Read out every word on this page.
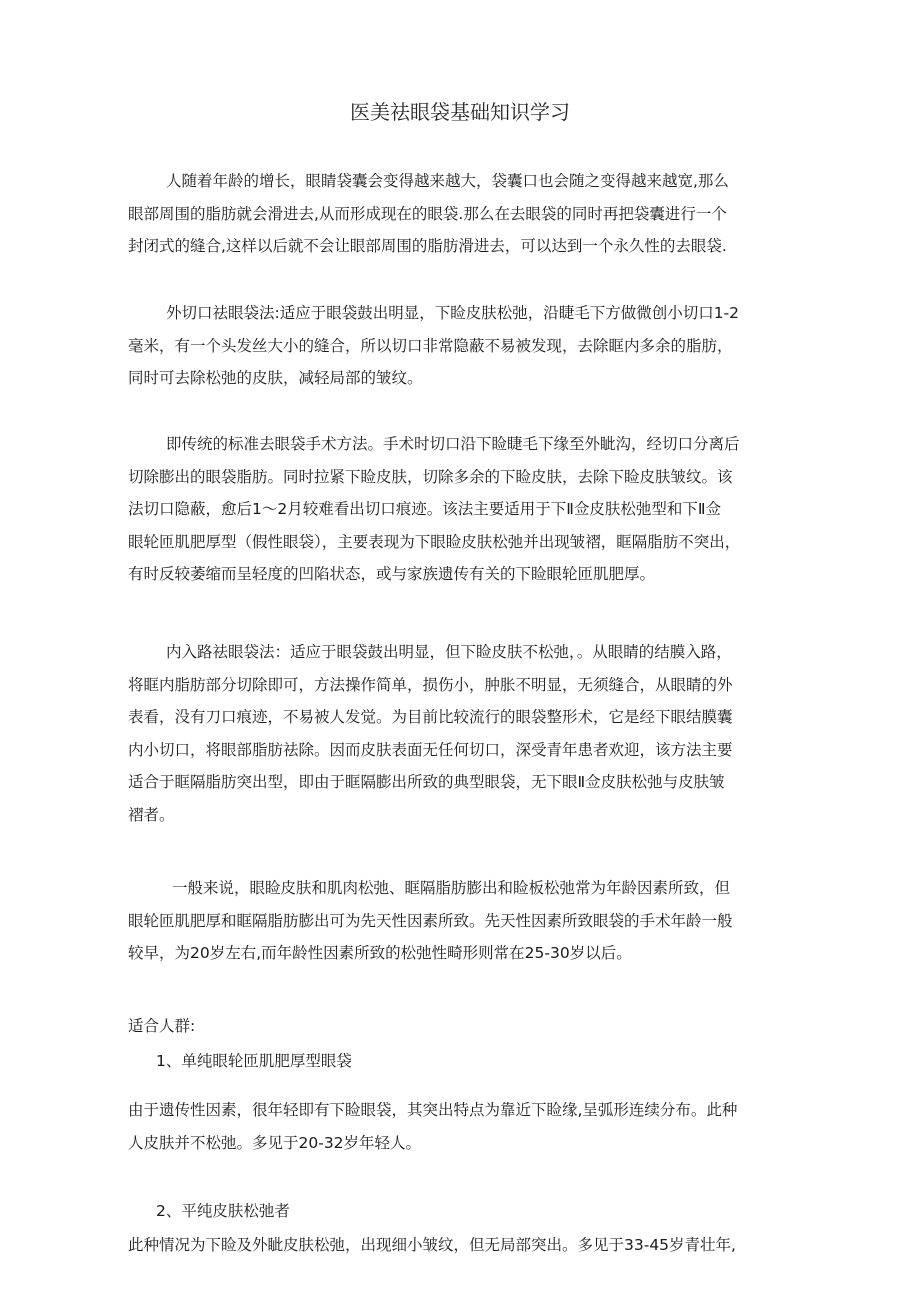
医美祛眼袋基础知识学习
人随着年龄的增长，眼睛袋囊会变得越来越大，袋囊口也会随之变得越来越宽,那么
眼部周围的脂肪就会滑进去,从而形成现在的眼袋.那么在去眼袋的同时再把袋囊进行一个
封闭式的缝合,这样以后就不会让眼部周围的脂肪滑进去，可以达到一个永久性的去眼袋.
外切口祛眼袋法:适应于眼袋鼓出明显，下睑皮肤松弛，沿睫毛下方做微创小切口1-2
毫米，有一个头发丝大小的缝合，所以切口非常隐蔽不易被发现，去除眶内多余的脂肪，
同时可去除松弛的皮肤，减轻局部的皱纹。
即传统的标准去眼袋手术方法。手术时切口沿下睑睫毛下缘至外眦沟，经切口分离后
切除膨出的眼袋脂肪。同时拉紧下睑皮肤，切除多余的下睑皮肤，去除下睑皮肤皱纹。该
法切口隐蔽，愈后1～2月较难看出切口痕迹。该法主要适用于下Ⅱ佥皮肤松弛型和下Ⅱ佥
眼轮匝肌肥厚型（假性眼袋），主要表现为下眼睑皮肤松弛并出现皱褶，眶隔脂肪不突出，
有时反较萎缩而呈轻度的凹陷状态，或与家族遗传有关的下睑眼轮匝肌肥厚。
内入路祛眼袋法：适应于眼袋鼓出明显，但下睑皮肤不松弛，。从眼睛的结膜入路，
将眶内脂肪部分切除即可，方法操作简单，损伤小，肿胀不明显，无须缝合，从眼睛的外
表看，没有刀口痕迹，不易被人发觉。为目前比较流行的眼袋整形术，它是经下眼结膜囊
内小切口，将眼部脂肪祛除。因而皮肤表面无任何切口，深受青年患者欢迎，该方法主要
适合于眶隔脂肪突出型，即由于眶隔膨出所致的典型眼袋，无下眼Ⅱ佥皮肤松弛与皮肤皱
褶者。
一般来说，眼睑皮肤和肌肉松弛、眶隔脂肪膨出和睑板松弛常为年龄因素所致，但
眼轮匝肌肥厚和眶隔脂肪膨出可为先天性因素所致。先天性因素所致眼袋的手术年龄一般
较早，为20岁左右,而年龄性因素所致的松弛性畸形则常在25-30岁以后。
适合人群:
1、单纯眼轮匝肌肥厚型眼袋
由于遗传性因素，很年轻即有下睑眼袋，其突出特点为靠近下睑缘,呈弧形连续分布。此种
人皮肤并不松弛。多见于20-32岁年轻人。
2、平纯皮肤松弛者
此种情况为下睑及外眦皮肤松弛，出现细小皱纹，但无局部突出。多见于33-45岁青壮年,
